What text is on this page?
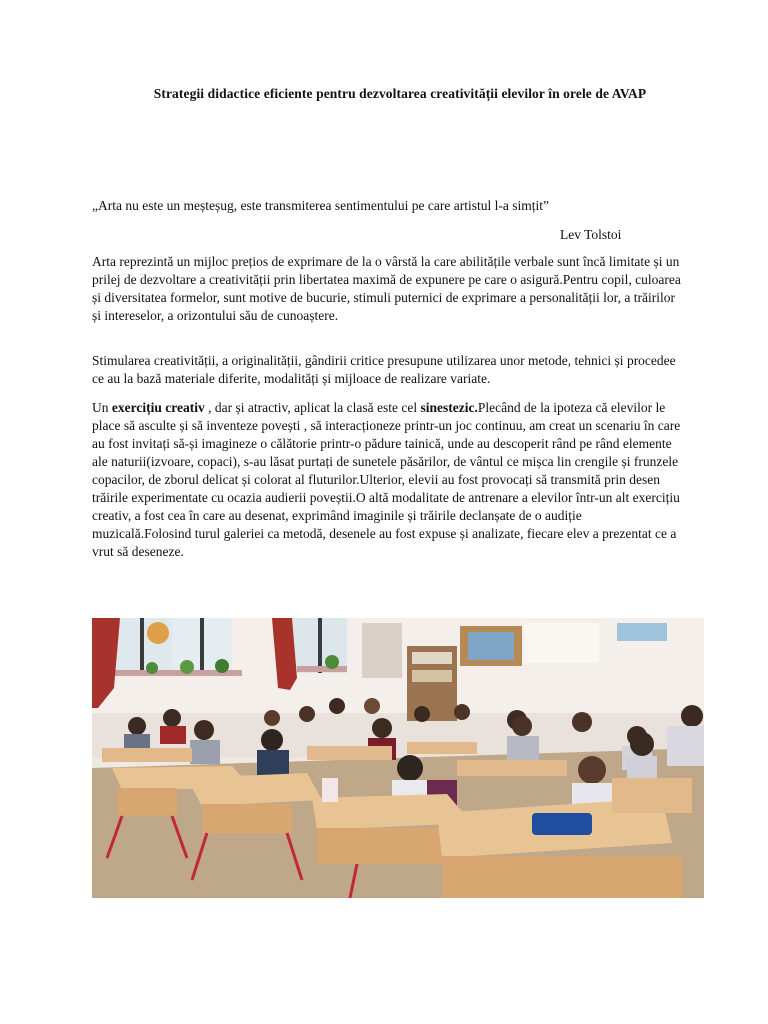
Strategii didactice eficiente pentru dezvoltarea creativității elevilor în orele de AVAP
„Arta nu este un meșteșug, este transmiterea sentimentului pe care artistul l-a simțit”
Lev Tolstoi

Arta reprezintă un mijloc prețios de exprimare de la o vârstă la care abilitățile verbale sunt încă limitate și un prilej de dezvoltare a creativității prin libertatea maximă de expunere pe care o asigură.Pentru copil, culoarea și diversitatea formelor, sunt motive de bucurie, stimuli puternici de exprimare a personalității lor, a trăirilor și intereselor, a orizontului său de cunoaștere.

Stimularea creativității, a originalității, gândirii critice presupune utilizarea unor metode, tehnici și procedee ce au la bază materiale diferite, modalități și mijloace de realizare variate.

Un exercițiu creativ , dar și atractiv, aplicat la clasă este cel sinestezic.Plecând de la ipoteza că elevilor le place să asculte și să inventeze povești , să interacționeze printr-un joc continuu, am creat un scenariu în care au fost invitați să-și imagineze o călătorie printr-o pădure tainică, unde au descoperit rând pe rând elemente ale naturii(izvoare, copaci), s-au lăsat purtați de sunetele păsărilor, de vântul ce mișca lin crengile și frunzele copacilor, de zborul delicat și colorat al fluturilor.Ulterior, elevii au fost provocați să transmită prin desen trăirile experimentate cu ocazia audierii poveștii.O altă modalitate de antrenare a elevilor într-un alt exercițiu creativ, a fost cea în care au desenat, exprimând imaginile și trăirile declanșate de o audiție muzicală.Folosind turul galeriei ca metodă, desenele au fost expuse și analizate, fiecare elev a prezentat ce a vrut să deseneze.
